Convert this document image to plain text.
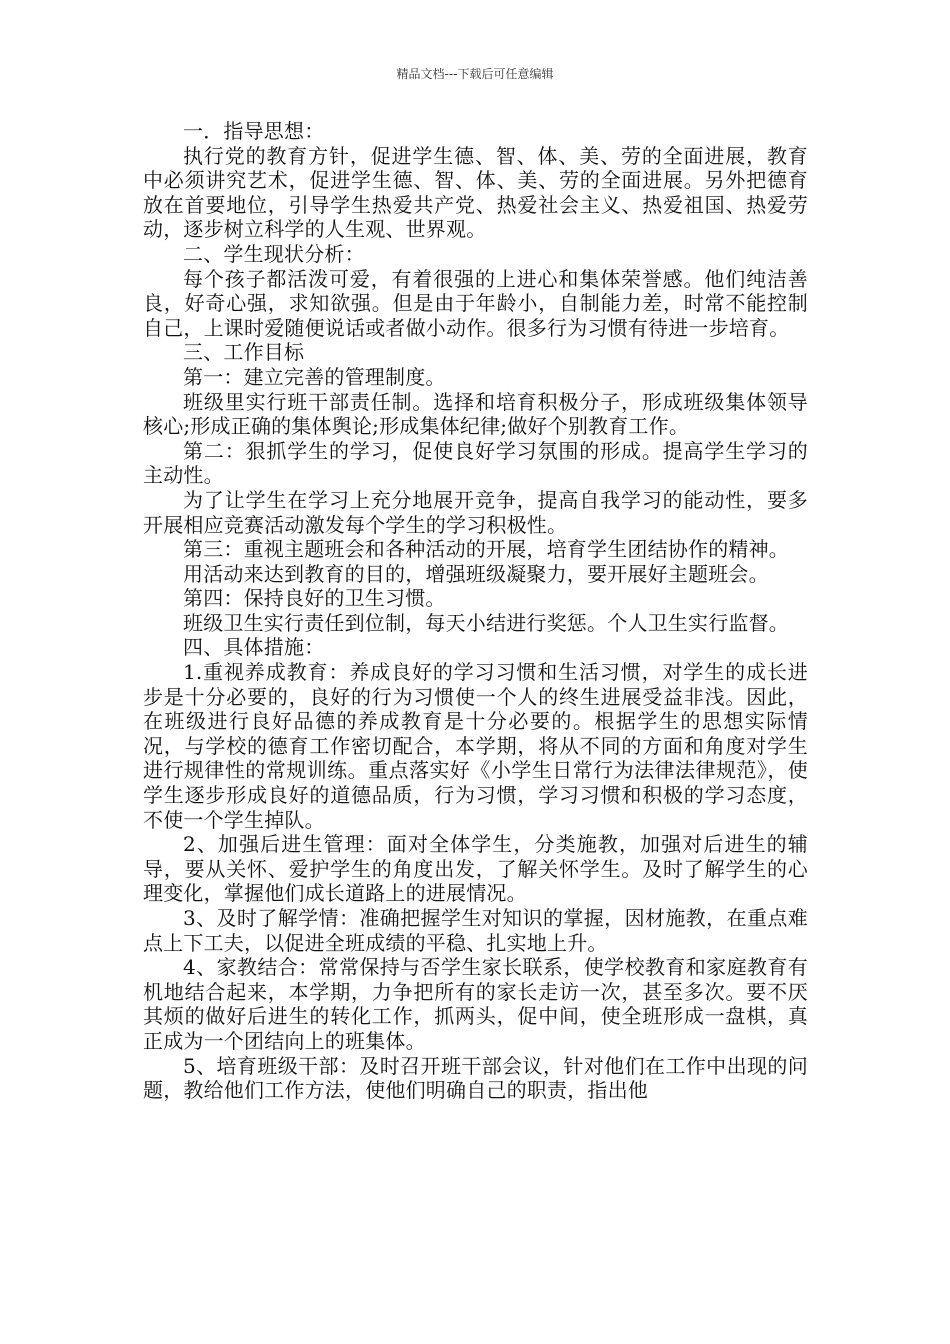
精品文档---下载后可任意编辑

一．指导思想：

执行党的教育方针，促进学生德、智、体、美、劳的全面进展，教育中必须讲究艺术，促进学生德、智、体、美、劳的全面进展。另外把德育放在首要地位，引导学生热爱共产党、热爱社会主义、热爱祖国、热爱劳动，逐步树立科学的人生观、世界观。

二、学生现状分析：

每个孩子都活泼可爱，有着很强的上进心和集体荣誉感。他们纯洁善良，好奇心强，求知欲强。但是由于年龄小，自制能力差，时常不能控制自己，上课时爱随便说话或者做小动作。很多行为习惯有待进一步培育。

三、工作目标

第一：建立完善的管理制度。

班级里实行班干部责任制。选择和培育积极分子，形成班级集体领导核心;形成正确的集体舆论;形成集体纪律;做好个别教育工作。

第二：狠抓学生的学习，促使良好学习氛围的形成。提高学生学习的主动性。

为了让学生在学习上充分地展开竞争，提高自我学习的能动性，要多开展相应竞赛活动激发每个学生的学习积极性。

第三：重视主题班会和各种活动的开展，培育学生团结协作的精神。

用活动来达到教育的目的，增强班级凝聚力，要开展好主题班会。

第四：保持良好的卫生习惯。

班级卫生实行责任到位制，每天小结进行奖惩。个人卫生实行监督。

四、具体措施：

1.重视养成教育：养成良好的学习习惯和生活习惯，对学生的成长进步是十分必要的，良好的行为习惯使一个人的终生进展受益非浅。因此，在班级进行良好品德的养成教育是十分必要的。根据学生的思想实际情况，与学校的德育工作密切配合，本学期，将从不同的方面和角度对学生进行规律性的常规训练。重点落实好《小学生日常行为法律法律规范》，使学生逐步形成良好的道德品质，行为习惯，学习习惯和积极的学习态度，不使一个学生掉队。

2、加强后进生管理：面对全体学生，分类施教，加强对后进生的辅导，要从关怀、爱护学生的角度出发，了解关怀学生。及时了解学生的心理变化，掌握他们成长道路上的进展情况。

3、及时了解学情：准确把握学生对知识的掌握，因材施教，在重点难点上下工夫，以促进全班成绩的平稳、扎实地上升。

4、家教结合：常常保持与否学生家长联系，使学校教育和家庭教育有机地结合起来，本学期，力争把所有的家长走访一次，甚至多次。要不厌其烦的做好后进生的转化工作，抓两头，促中间，使全班形成一盘棋，真正成为一个团结向上的班集体。

5、培育班级干部：及时召开班干部会议，针对他们在工作中出现的问题，教给他们工作方法，使他们明确自己的职责，指出他
